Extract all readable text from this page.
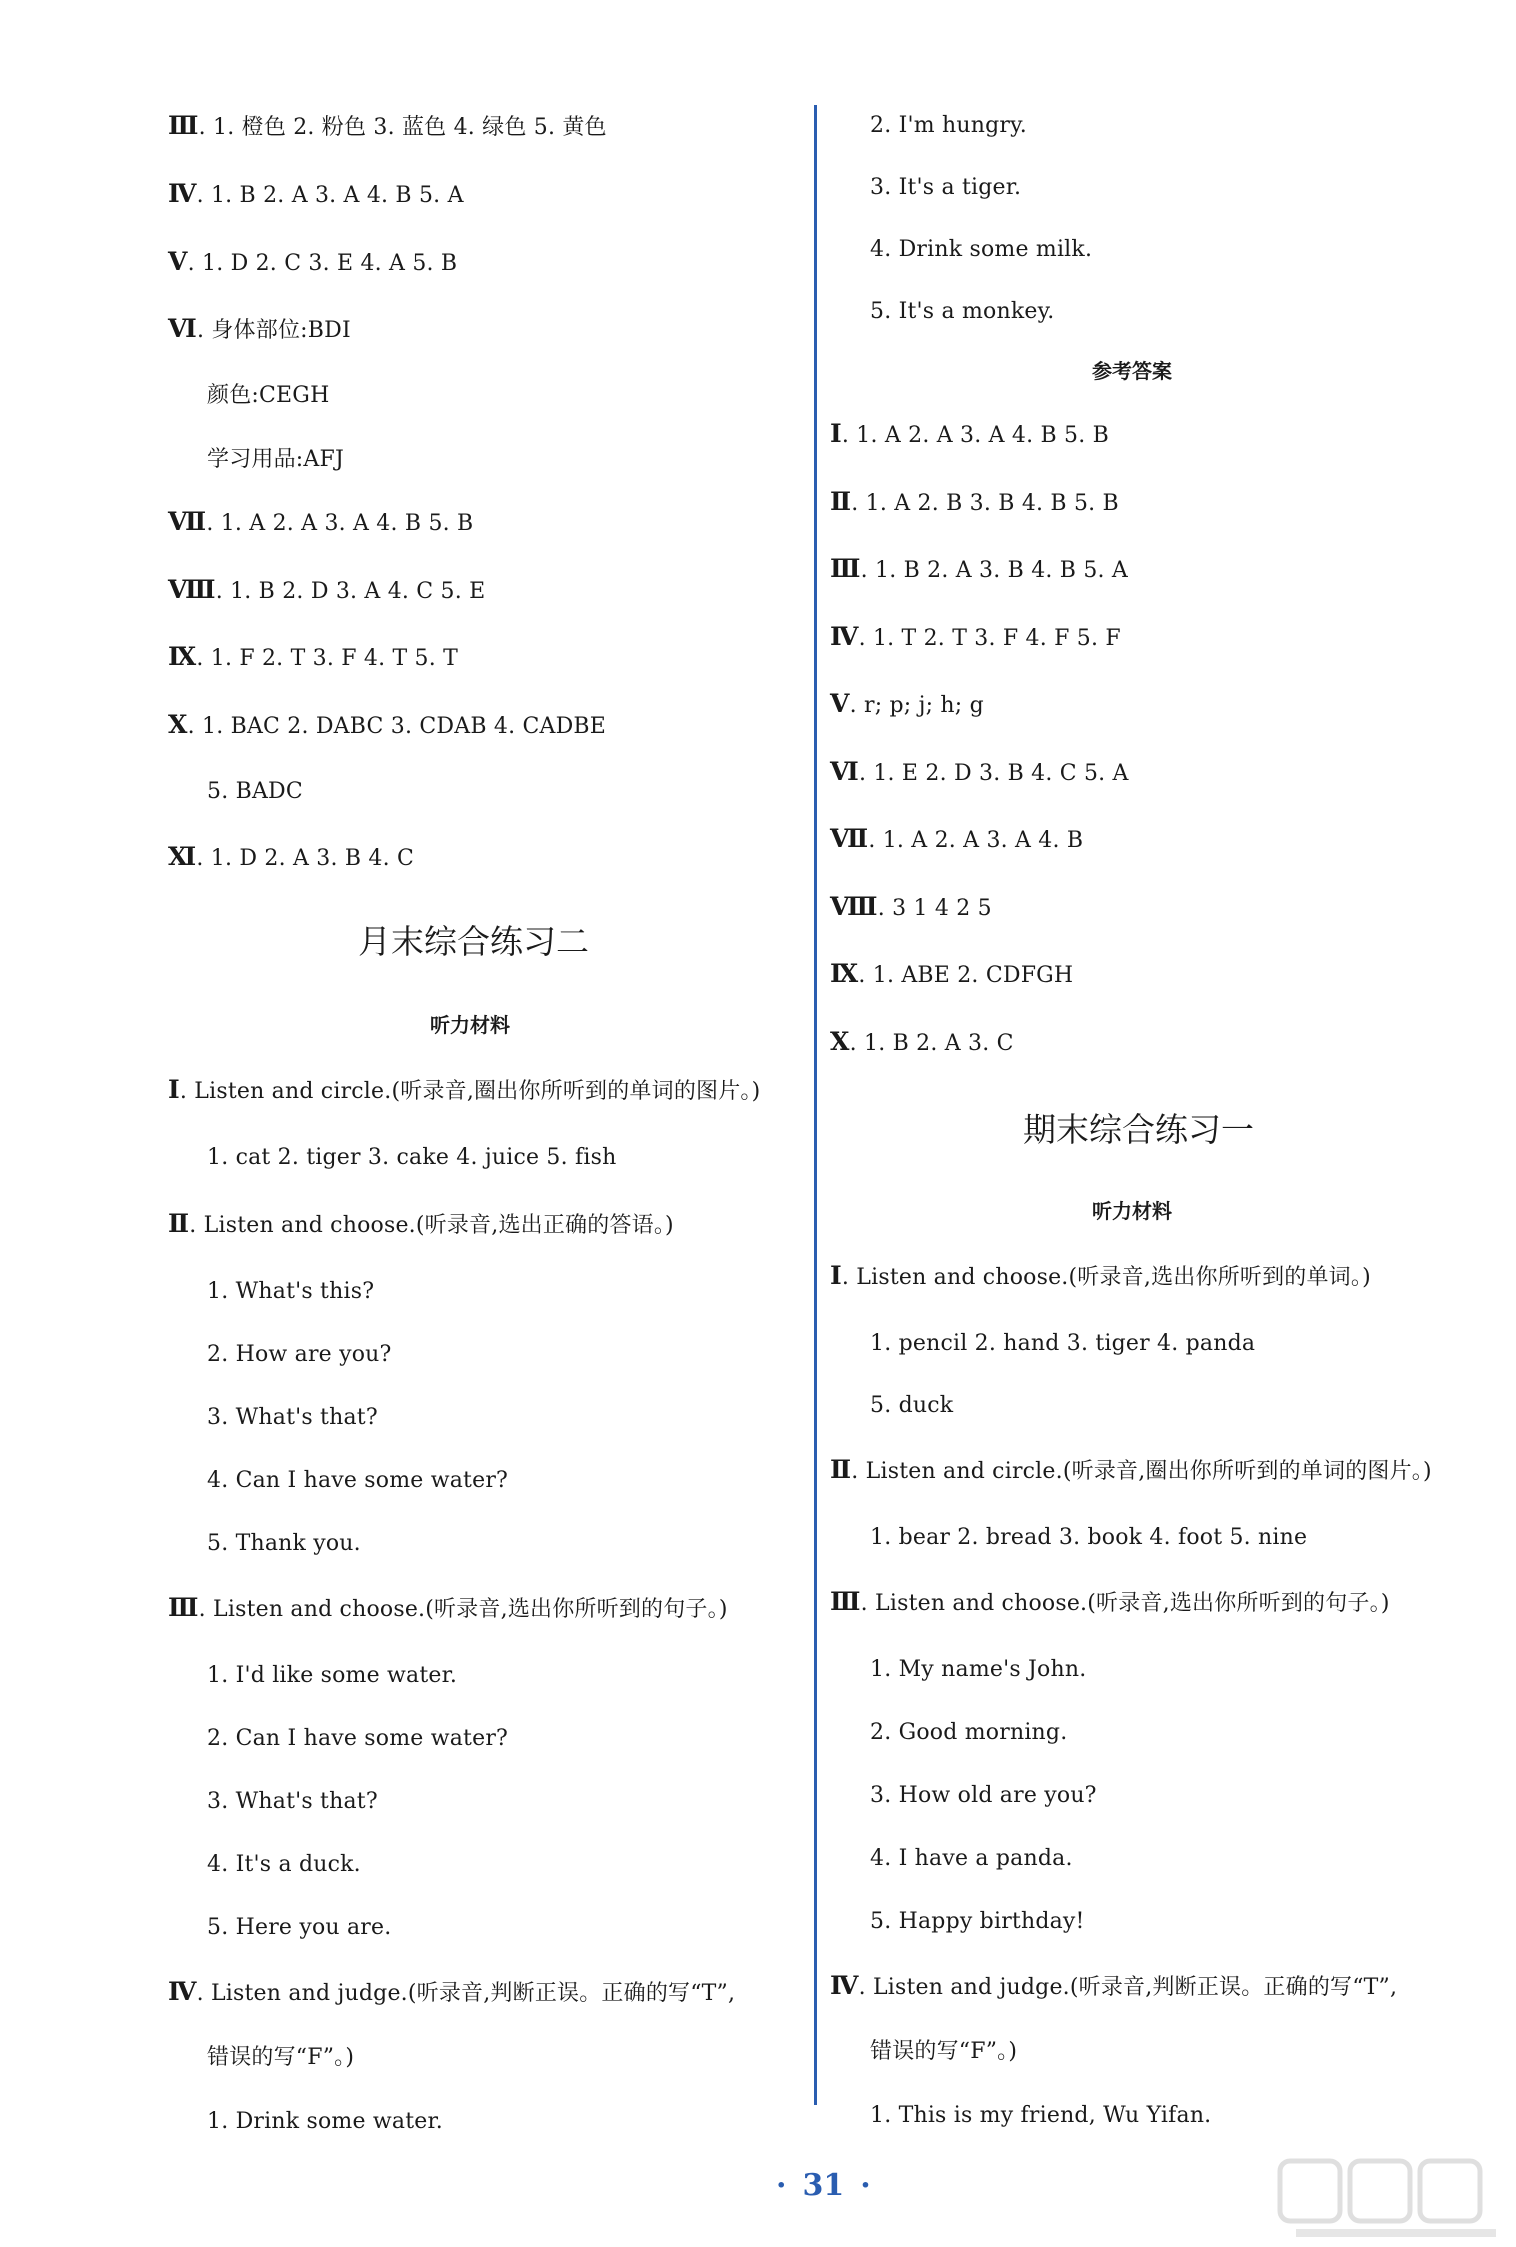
Ⅲ. 1. 橙色 2. 粉色 3. 蓝色 4. 绿色 5. 黄色
Ⅳ. 1. B 2. A 3. A 4. B 5. A
Ⅴ. 1. D 2. C 3. E 4. A 5. B
Ⅵ. 身体部位:BDI
颜色:CEGH
学习用品:AFJ
Ⅶ. 1. A 2. A 3. A 4. B 5. B
Ⅷ. 1. B 2. D 3. A 4. C 5. E
Ⅸ. 1. F 2. T 3. F 4. T 5. T
Ⅹ. 1. BAC 2. DABC 3. CDAB 4. CADBE
5. BADC
Ⅺ. 1. D 2. A 3. B 4. C
月末综合练习二
听力材料
Ⅰ. Listen and circle.(听录音,圈出你所听到的单词的图片。)
1. cat 2. tiger 3. cake 4. juice 5. fish
Ⅱ. Listen and choose.(听录音,选出正确的答语。)
1. What's this?
2. How are you?
3. What's that?
4. Can I have some water?
5. Thank you.
Ⅲ. Listen and choose.(听录音,选出你所听到的句子。)
1. I'd like some water.
2. Can I have some water?
3. What's that?
4. It's a duck.
5. Here you are.
Ⅳ. Listen and judge.(听录音,判断正误。正确的写“T”,
错误的写“F”。)
1. Drink some water.
2. I'm hungry.
3. It's a tiger.
4. Drink some milk.
5. It's a monkey.
参考答案
Ⅰ. 1. A 2. A 3. A 4. B 5. B
Ⅱ. 1. A 2. B 3. B 4. B 5. B
Ⅲ. 1. B 2. A 3. B 4. B 5. A
Ⅳ. 1. T 2. T 3. F 4. F 5. F
Ⅴ. r; p; j; h; g
Ⅵ. 1. E 2. D 3. B 4. C 5. A
Ⅶ. 1. A 2. A 3. A 4. B
Ⅷ. 3 1 4 2 5
Ⅸ. 1. ABE 2. CDFGH
Ⅹ. 1. B 2. A 3. C
期末综合练习一
听力材料
Ⅰ. Listen and choose.(听录音,选出你所听到的单词。)
1. pencil 2. hand 3. tiger 4. panda
5. duck
Ⅱ. Listen and circle.(听录音,圈出你所听到的单词的图片。)
1. bear 2. bread 3. book 4. foot 5. nine
Ⅲ. Listen and choose.(听录音,选出你所听到的句子。)
1. My name's John.
2. Good morning.
3. How old are you?
4. I have a panda.
5. Happy birthday!
Ⅳ. Listen and judge.(听录音,判断正误。正确的写“T”,
错误的写“F”。)
1. This is my friend, Wu Yifan.
· 31 ·
